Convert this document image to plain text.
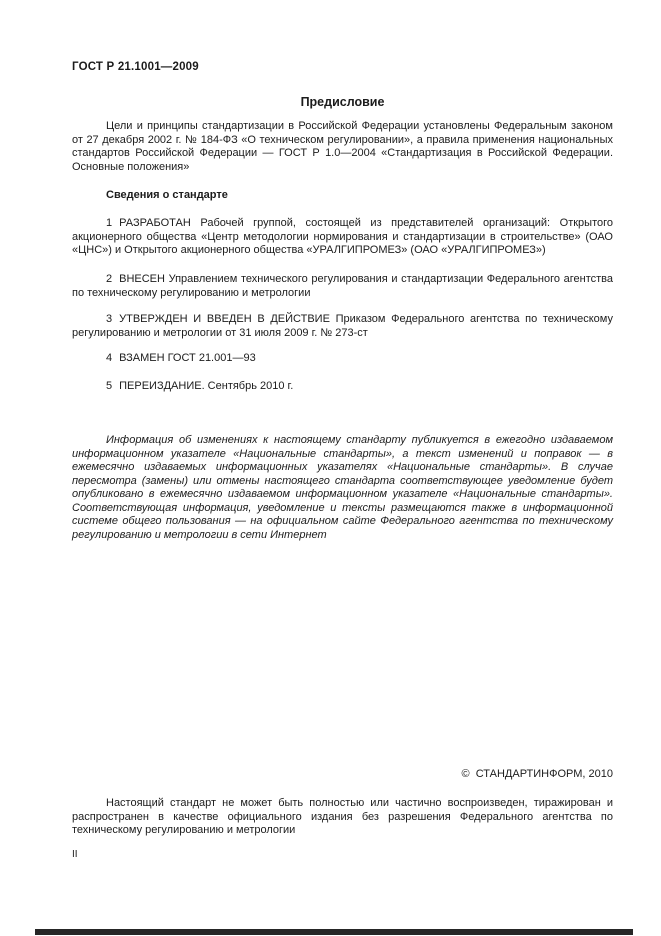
ГОСТ Р 21.1001—2009
Предисловие

Цели и принципы стандартизации в Российской Федерации установлены Федеральным законом от 27 декабря 2002 г. № 184-ФЗ «О техническом регулировании», а правила применения национальных стандартов Российской Федерации — ГОСТ Р 1.0—2004 «Стандартизация в Российской Федерации. Основные положения»

Сведения о стандарте

1 РАЗРАБОТАН Рабочей группой, состоящей из представителей организаций: Открытого акционерного общества «Центр методологии нормирования и стандартизации в строительстве» (ОАО «ЦНС») и Открытого акционерного общества «УРАЛГИПРОМЕЗ» (ОАО «УРАЛГИПРОМЕЗ»)

2 ВНЕСЕН Управлением технического регулирования и стандартизации Федерального агентства по техническому регулированию и метрологии

3 УТВЕРЖДЕН И ВВЕДЕН В ДЕЙСТВИЕ Приказом Федерального агентства по техническому регулированию и метрологии от 31 июля 2009 г. № 273-ст

4 ВЗАМЕН ГОСТ 21.001—93

5 ПЕРЕИЗДАНИЕ. Сентябрь 2010 г.

Информация об изменениях к настоящему стандарту публикуется в ежегодно издаваемом информационном указателе «Национальные стандарты», а текст изменений и поправок — в ежемесячно издаваемых информационных указателях «Национальные стандарты». В случае пересмотра (замены) или отмены настоящего стандарта соответствующее уведомление будет опубликовано в ежемесячно издаваемом информационном указателе «Национальные стандарты». Соответствующая информация, уведомление и тексты размещаются также в информационной системе общего пользования — на официальном сайте Федерального агентства по техническому регулированию и метрологии в сети Интернет

©  СТАНДАРТИНФОРМ, 2010

Настоящий стандарт не может быть полностью или частично воспроизведен, тиражирован и распространен в качестве официального издания без разрешения Федерального агентства по техническому регулированию и метрологии

II
